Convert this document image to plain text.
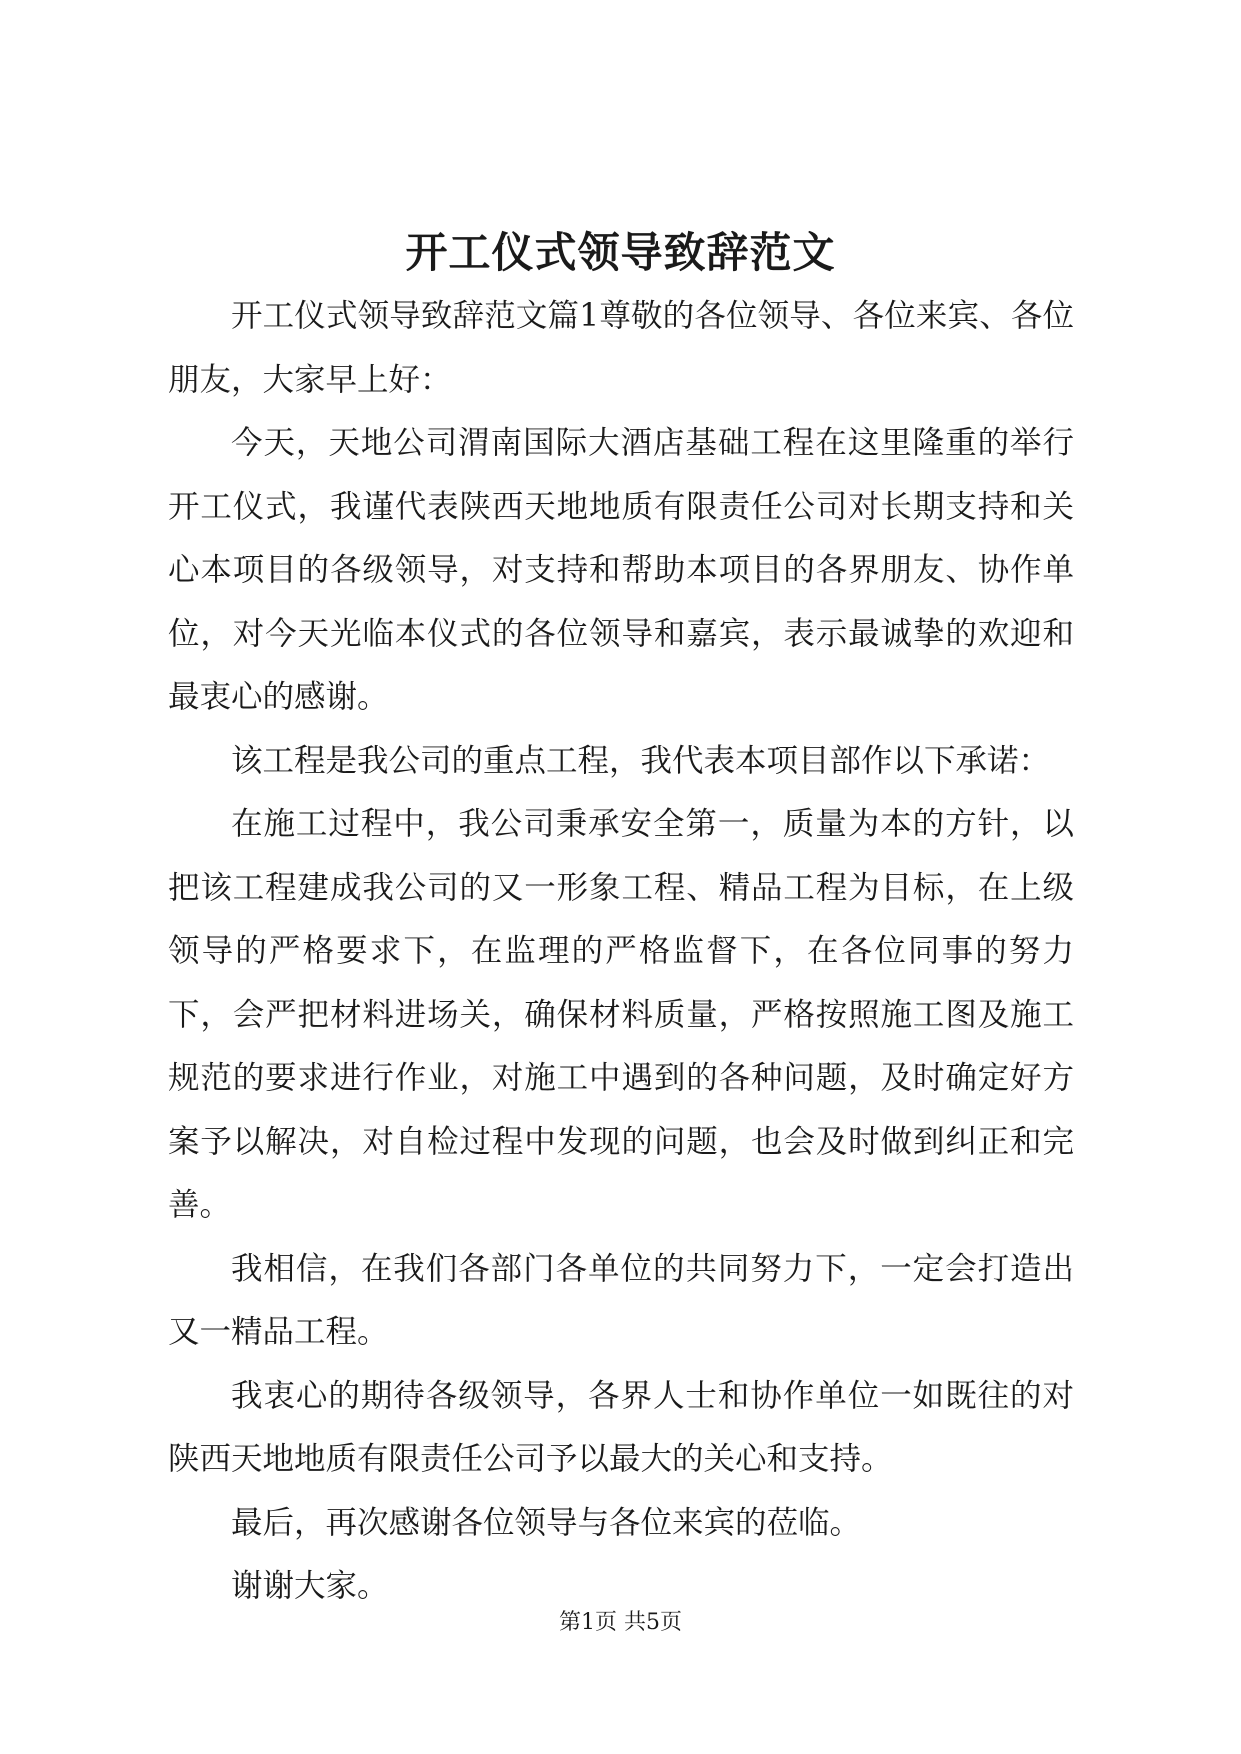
开工仪式领导致辞范文

开工仪式领导致辞范文篇1尊敬的各位领导、各位来宾、各位朋友，大家早上好：

今天，天地公司渭南国际大酒店基础工程在这里隆重的举行开工仪式，我谨代表陕西天地地质有限责任公司对长期支持和关心本项目的各级领导，对支持和帮助本项目的各界朋友、协作单位，对今天光临本仪式的各位领导和嘉宾，表示最诚挚的欢迎和最衷心的感谢。

该工程是我公司的重点工程，我代表本项目部作以下承诺：

在施工过程中，我公司秉承安全第一，质量为本的方针，以把该工程建成我公司的又一形象工程、精品工程为目标，在上级领导的严格要求下，在监理的严格监督下，在各位同事的努力下，会严把材料进场关，确保材料质量，严格按照施工图及施工规范的要求进行作业，对施工中遇到的各种问题，及时确定好方案予以解决，对自检过程中发现的问题，也会及时做到纠正和完善。

我相信，在我们各部门各单位的共同努力下，一定会打造出又一精品工程。

我衷心的期待各级领导，各界人士和协作单位一如既往的对陕西天地地质有限责任公司予以最大的关心和支持。

最后，再次感谢各位领导与各位来宾的莅临。

谢谢大家。

第1页 共5页
